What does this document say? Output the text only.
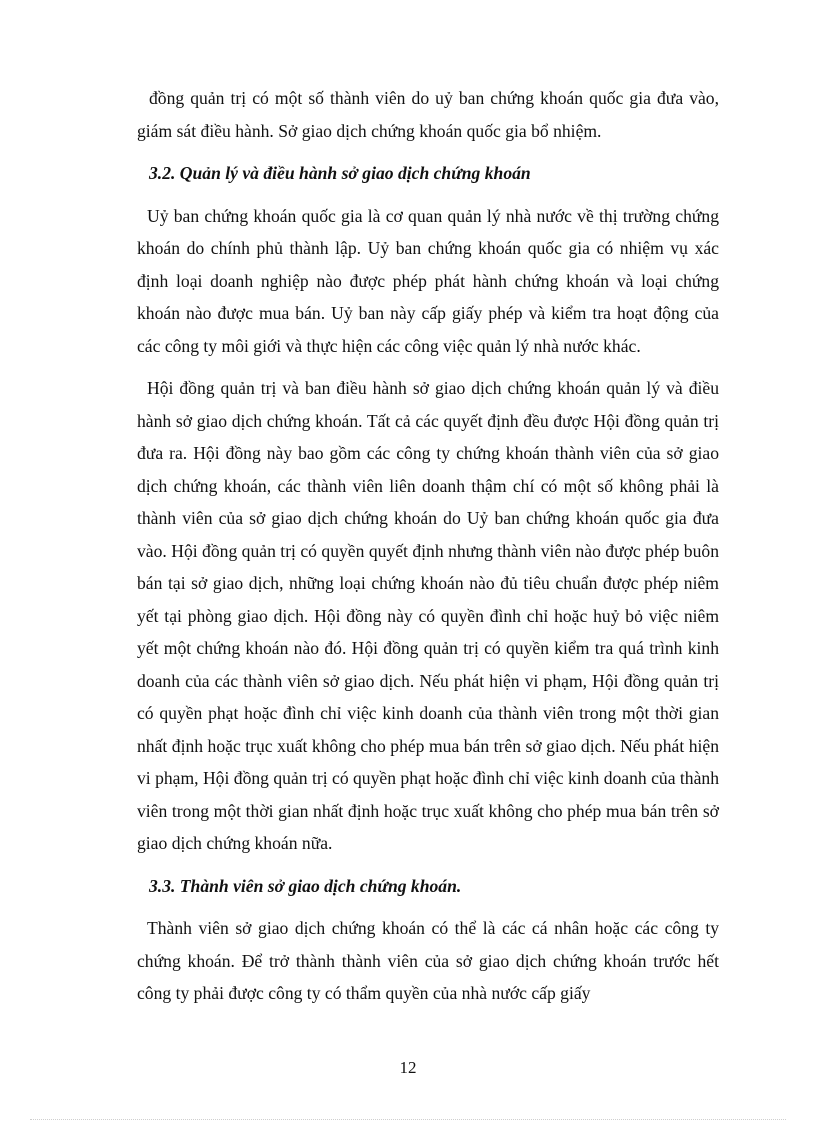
đồng quản trị có một số thành viên do uỷ ban chứng khoán quốc gia đưa vào, giám sát điều hành. Sở giao dịch chứng khoán quốc gia bổ nhiệm.

3.2. Quản lý và điều hành sở giao dịch chứng khoán

Uỷ ban chứng khoán quốc gia là cơ quan quản lý nhà nước về thị trường chứng khoán do chính phủ thành lập. Uỷ ban chứng khoán quốc gia có nhiệm vụ xác định loại doanh nghiệp nào được phép phát hành chứng khoán và loại chứng khoán nào được mua bán. Uỷ ban này cấp giấy phép và kiểm tra hoạt động của các công ty môi giới và thực hiện các công việc quản lý nhà nước khác.

Hội đồng quản trị và ban điều hành sở giao dịch chứng khoán quản lý và điều hành sở giao dịch chứng khoán. Tất cả các quyết định đều được Hội đồng quản trị đưa ra. Hội đồng này bao gồm các công ty chứng khoán thành viên của sở giao dịch chứng khoán, các thành viên liên doanh thậm chí có một số không phải là thành viên của sở giao dịch chứng khoán do Uỷ ban chứng khoán quốc gia đưa vào. Hội đồng quản trị có quyền quyết định nhưng thành viên nào được phép buôn bán tại sở giao dịch, những loại chứng khoán nào đủ tiêu chuẩn được phép niêm yết tại phòng giao dịch. Hội đồng này có quyền đình chỉ hoặc huỷ bỏ việc niêm yết một chứng khoán nào đó. Hội đồng quản trị có quyền kiểm tra quá trình kinh doanh của các thành viên sở giao dịch. Nếu phát hiện vi phạm, Hội đồng quản trị có quyền phạt hoặc đình chỉ việc kinh doanh của thành viên trong một thời gian nhất định hoặc trục xuất không cho phép mua bán trên sở giao dịch. Nếu phát hiện vi phạm, Hội đồng quản trị có quyền phạt hoặc đình chỉ việc kinh doanh của thành viên trong một thời gian nhất định hoặc trục xuất không cho phép mua bán trên sở giao dịch chứng khoán nữa.

3.3. Thành viên sở giao dịch chứng khoán.

Thành viên sở giao dịch chứng khoán có thể là các cá nhân hoặc các công ty chứng khoán. Để trở thành thành viên của sở giao dịch chứng khoán trước hết công ty phải được công ty có thẩm quyền của nhà nước cấp giấy

12
